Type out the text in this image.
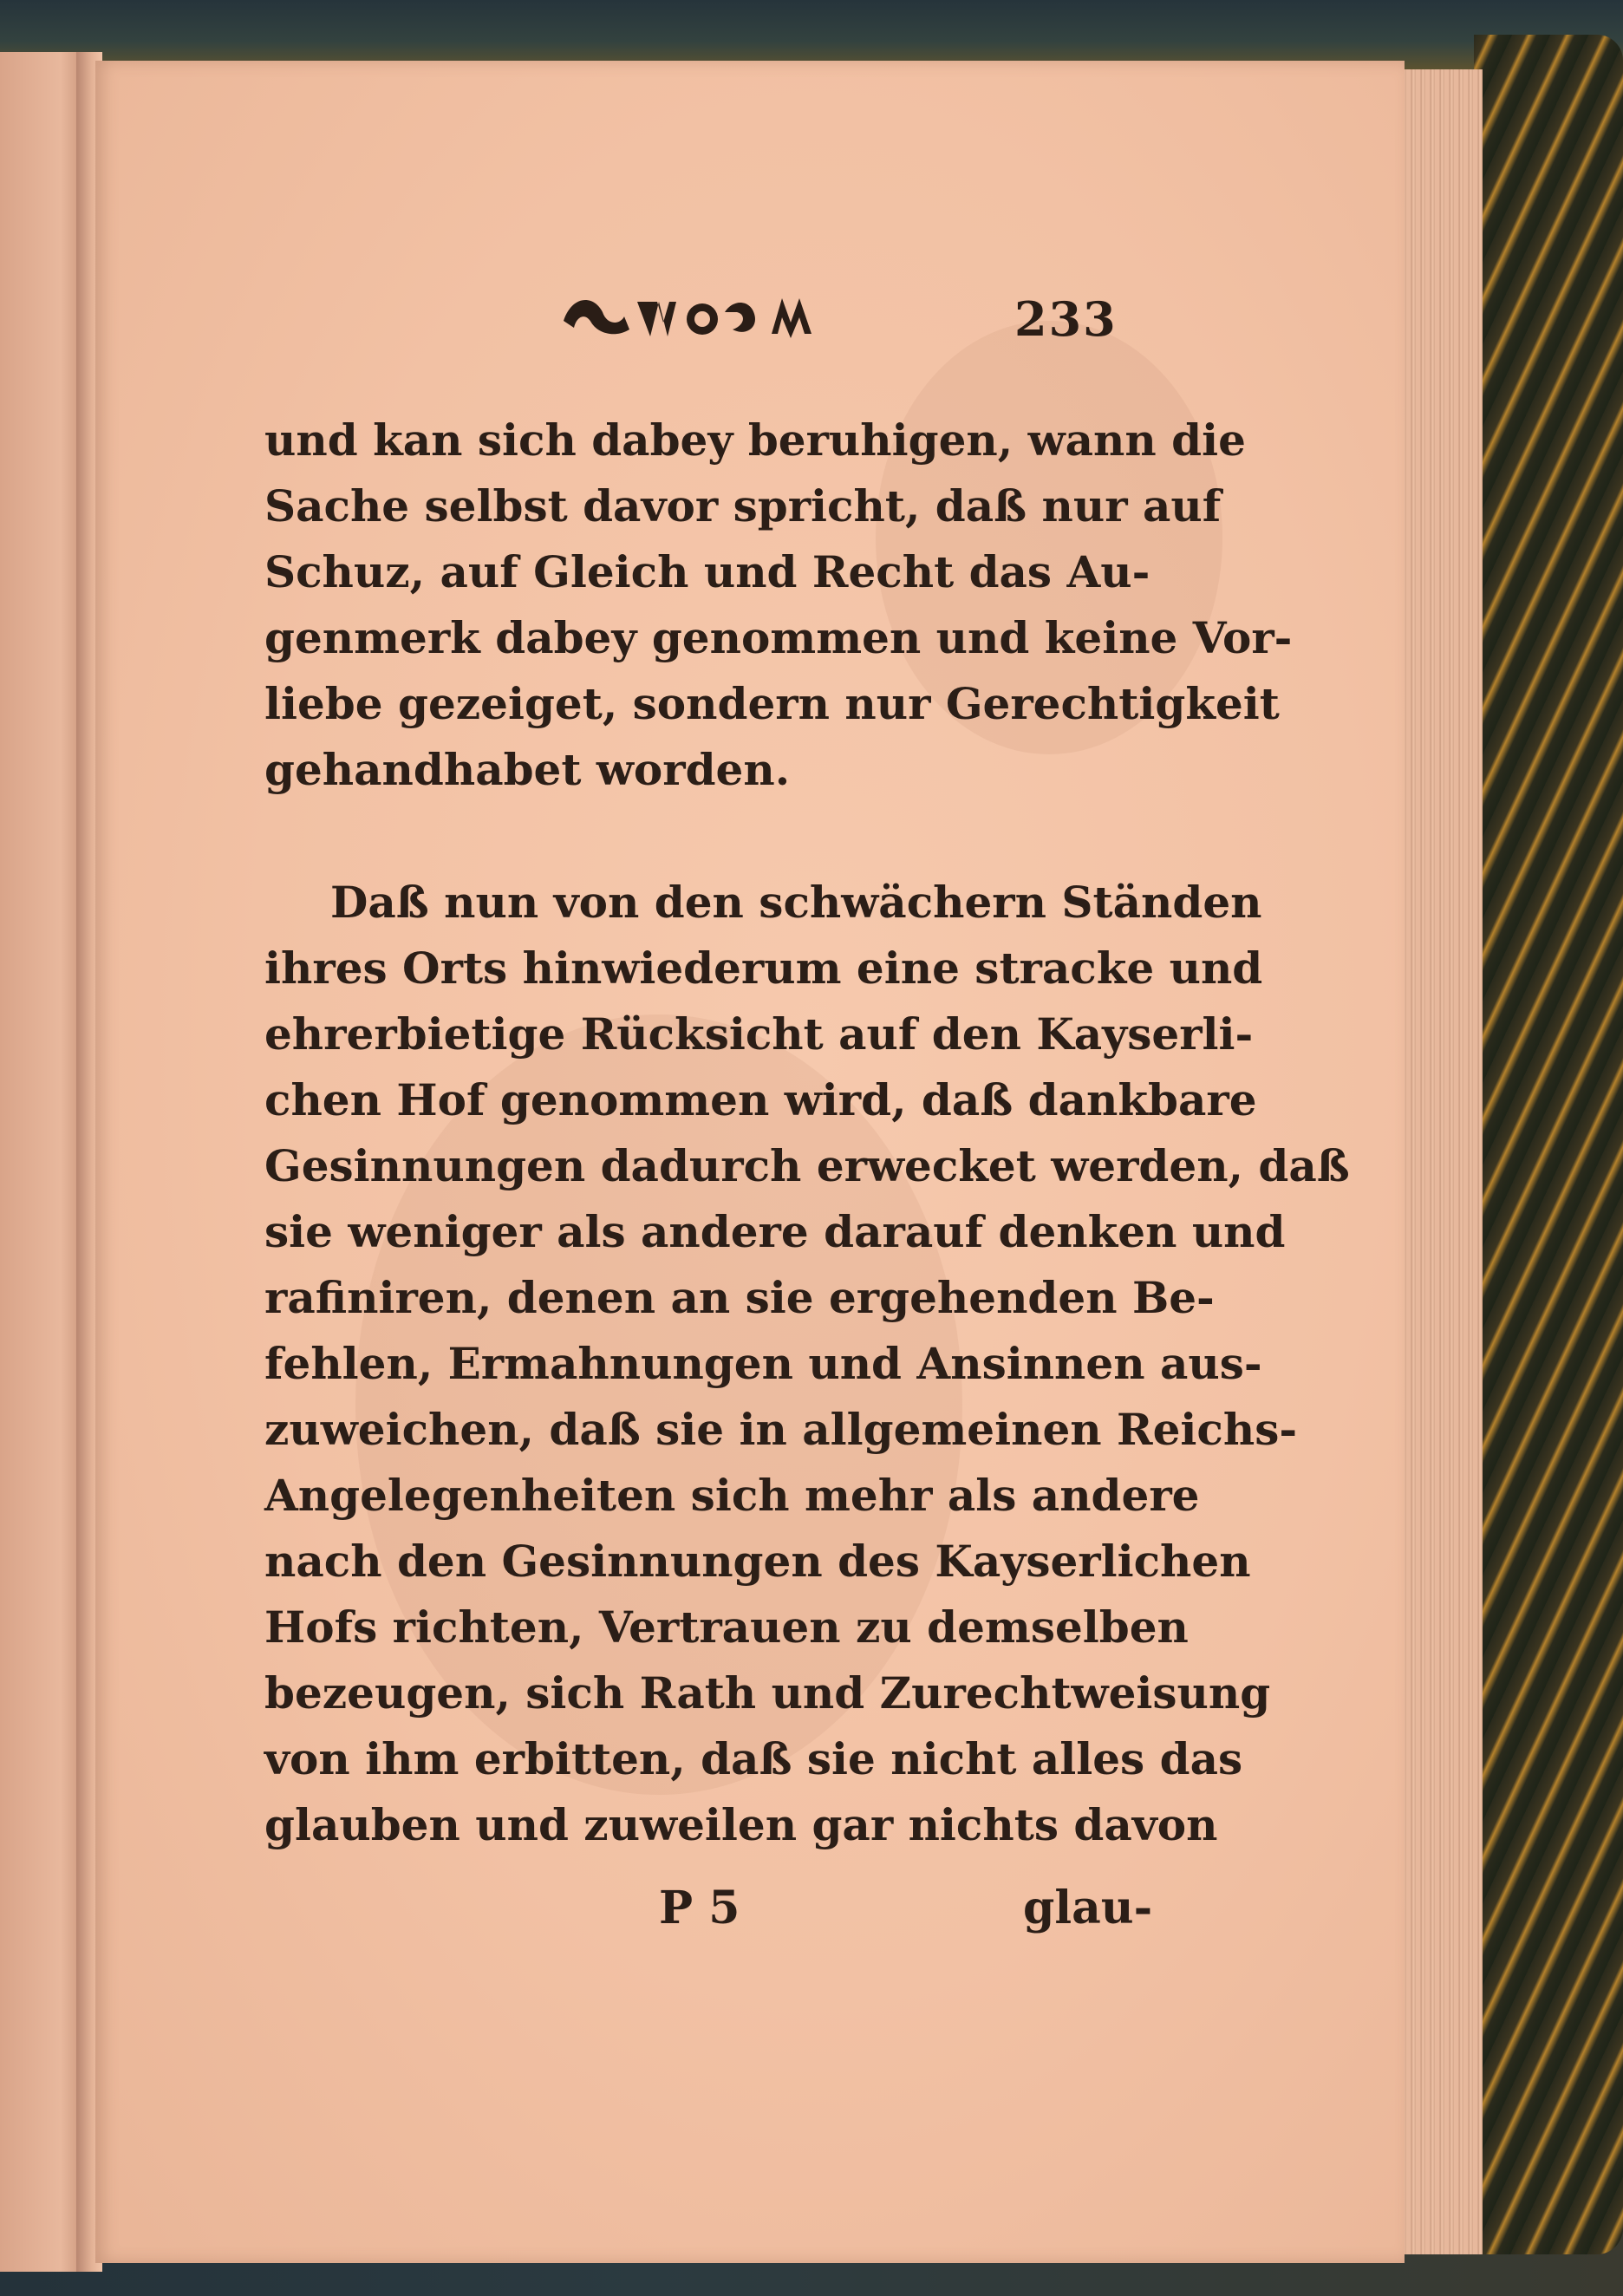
233
und kan sich dabey beruhigen, wann die
Sache selbst davor spricht, daß nur auf
Schuz, auf Gleich und Recht das Au-
genmerk dabey genommen und keine Vor-
liebe gezeiget, sondern nur Gerechtigkeit
gehandhabet worden.
Daß nun von den schwächern Ständen
ihres Orts hinwiederum eine stracke und
ehrerbietige Rücksicht auf den Kayserli-
chen Hof genommen wird, daß dankbare
Gesinnungen dadurch erwecket werden, daß
sie weniger als andere darauf denken und
rafiniren, denen an sie ergehenden Be-
fehlen, Ermahnungen und Ansinnen aus-
zuweichen, daß sie in allgemeinen Reichs-
Angelegenheiten sich mehr als andere
nach den Gesinnungen des Kayserlichen
Hofs richten, Vertrauen zu demselben
bezeugen, sich Rath und Zurechtweisung
von ihm erbitten, daß sie nicht alles das
glauben und zuweilen gar nichts davon
P 5	glau-
